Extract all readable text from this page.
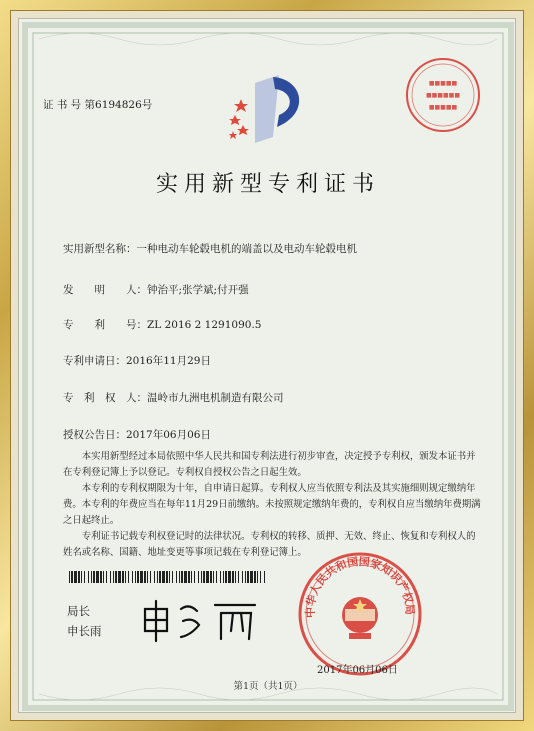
证 书 号 第6194826号
■■■■■
■■■■■■
■■■■■
实用新型专利证书
实用新型名称：一种电动车轮毂电机的端盖以及电动车轮毂电机
发　　明　　人：钟治平;张学斌;付开强
专　　利　　号：ZL 2016 2 1291090.5
专利申请日：2016年11月29日
专　利　权　人：温岭市九洲电机制造有限公司
授权公告日：2017年06月06日

本实用新型经过本局依照中华人民共和国专利法进行初步审查，决定授予专利权，颁发本证书并在专利登记簿上予以登记。专利权自授权公告之日起生效。

本专利的专利权期限为十年，自申请日起算。专利权人应当依照专利法及其实施细则规定缴纳年费。本专利的年费应当在每年11月29日前缴纳。未按照规定缴纳年费的，专利权自应当缴纳年费期满之日起终止。

专利证书记载专利权登记时的法律状况。专利权的转移、质押、无效、终止、恢复和专利权人的姓名或名称、国籍、地址变更等事项记载在专利登记簿上。

局长
申长雨
中华人民共和国国家知识产权局
2017年06月06日
第1页（共1页）
